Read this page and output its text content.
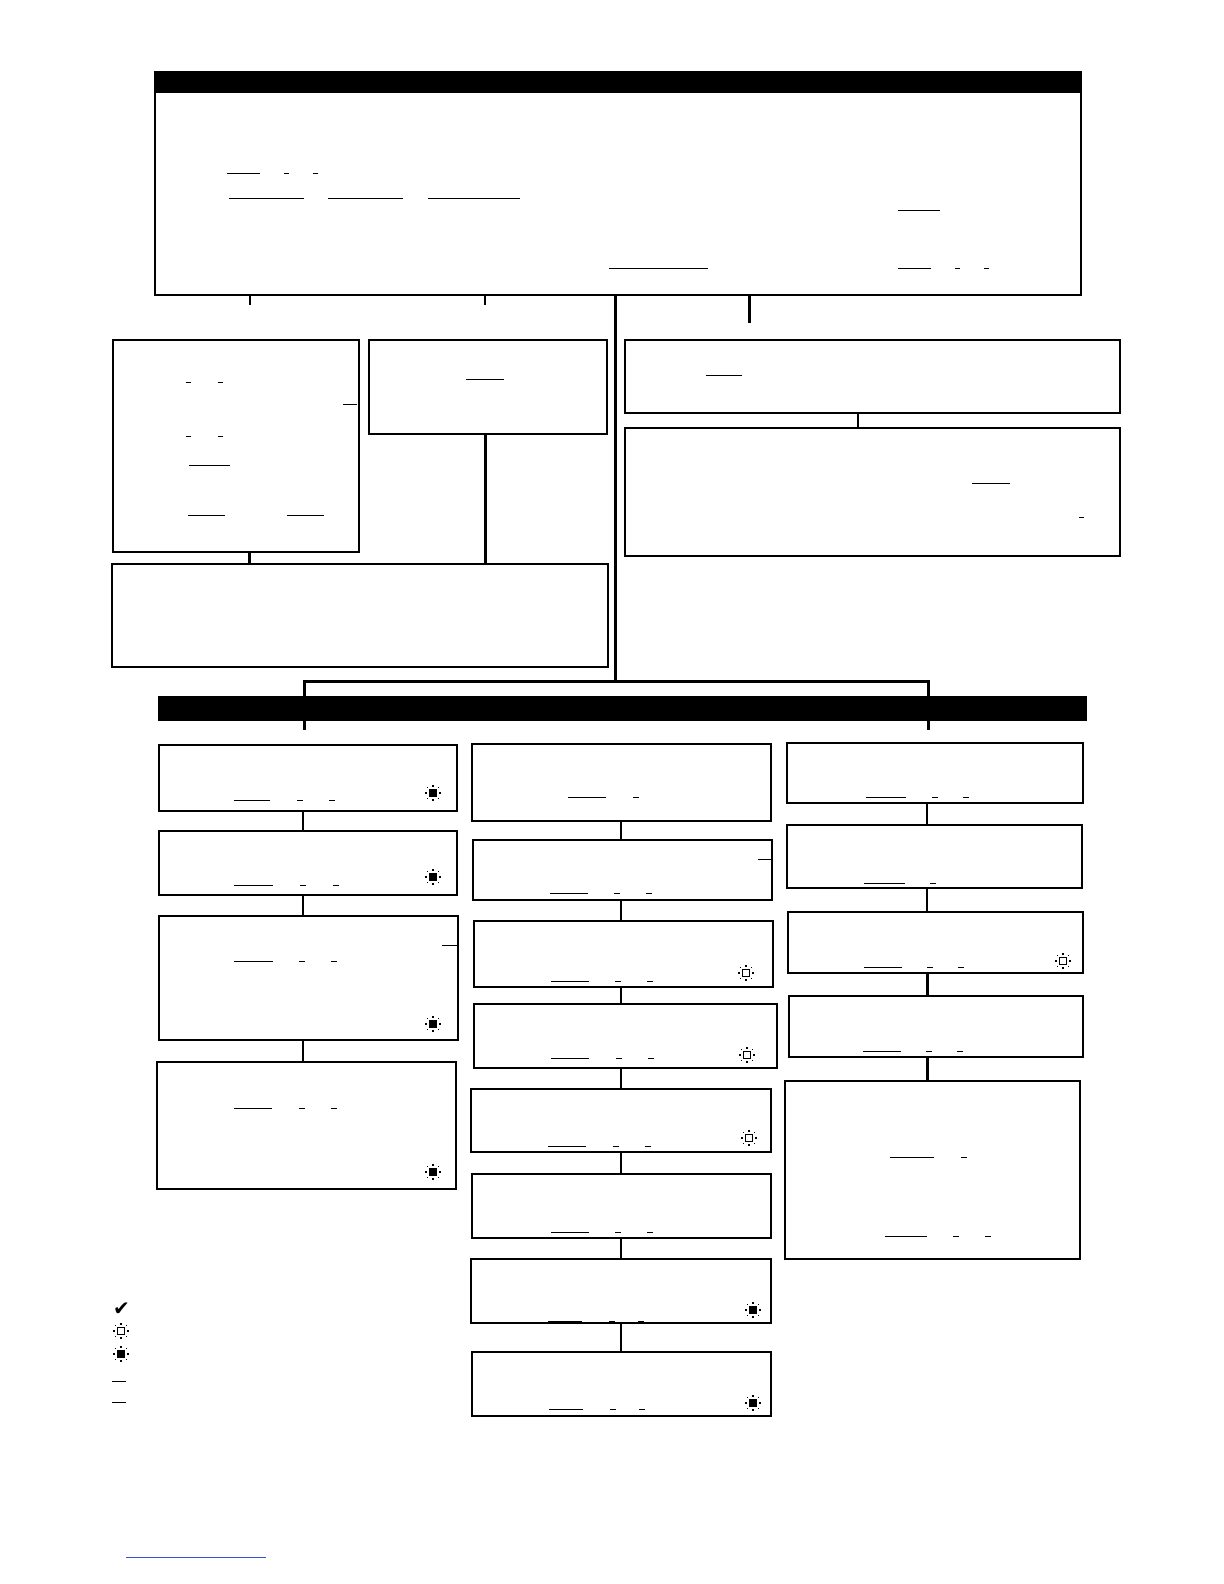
✔
